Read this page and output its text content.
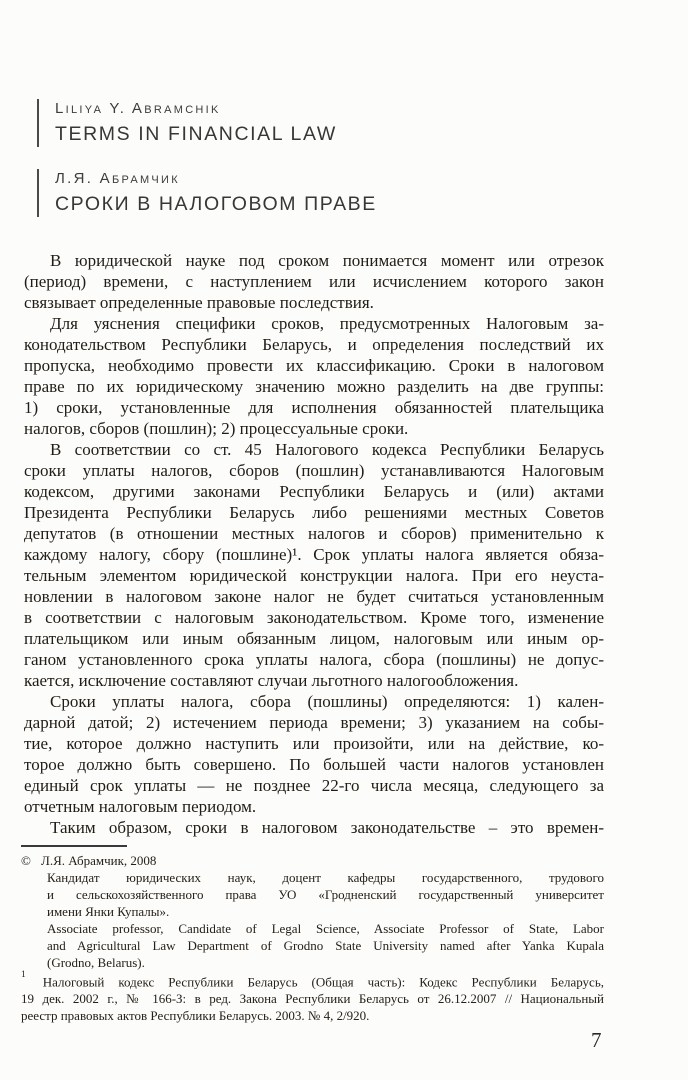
Liliya Y. Abramchik
TERMS IN FINANCIAL LAW
Л.Я. Абрамчик
СРОКИ В НАЛОГОВОМ ПРАВЕ

В юридической науке под сроком понимается момент или отрезок
(период) времени, с наступлением или исчислением которого закон
связывает определенные правовые последствия.

Для уяснения специфики сроков, предусмотренных Налоговым за-
конодательством Республики Беларусь, и определения последствий их
пропуска, необходимо провести их классификацию. Сроки в налоговом
праве по их юридическому значению можно разделить на две группы:
1) сроки, установленные для исполнения обязанностей плательщика
налогов, сборов (пошлин); 2) процессуальные сроки.

В соответствии со ст. 45 Налогового кодекса Республики Беларусь
сроки уплаты налогов, сборов (пошлин) устанавливаются Налоговым
кодексом, другими законами Республики Беларусь и (или) актами
Президента Республики Беларусь либо решениями местных Советов
депутатов (в отношении местных налогов и сборов) применительно к
каждому налогу, сбору (пошлине)¹. Срок уплаты налога является обяза-
тельным элементом юридической конструкции налога. При его неуста-
новлении в налоговом законе налог не будет считаться установленным
в соответствии с налоговым законодательством. Кроме того, изменение
плательщиком или иным обязанным лицом, налоговым или иным ор-
ганом установленного срока уплаты налога, сбора (пошлины) не допус-
кается, исключение составляют случаи льготного налогообложения.

Сроки уплаты налога, сбора (пошлины) определяются: 1) кален-
дарной датой; 2) истечением периода времени; 3) указанием на собы-
тие, которое должно наступить или произойти, или на действие, ко-
торое должно быть совершено. По большей части налогов установлен
единый срок уплаты — не позднее 22-го числа месяца, следующего за
отчетным налоговым периодом.

Таким образом, сроки в налоговом законодательстве – это времен-

© Л.Я. Абрамчик, 2008
Кандидат юридических наук, доцент кафедры государственного, трудового
и сельскохозяйственного права УО «Гродненский государственный университет
имени Янки Купалы».
Associate professor, Candidate of Legal Science, Associate Professor of State, Labor
and Agricultural Law Department of Grodno State University named after Yanka Kupala
(Grodno, Belarus).
$^1$ Налоговый кодекс Республики Беларусь (Общая часть): Кодекс Республики Беларусь,
19 дек. 2002 г., № 166-З: в ред. Закона Республики Беларусь от 26.12.2007 // Национальный
реестр правовых актов Республики Беларусь. 2003. № 4, 2/920.
7
